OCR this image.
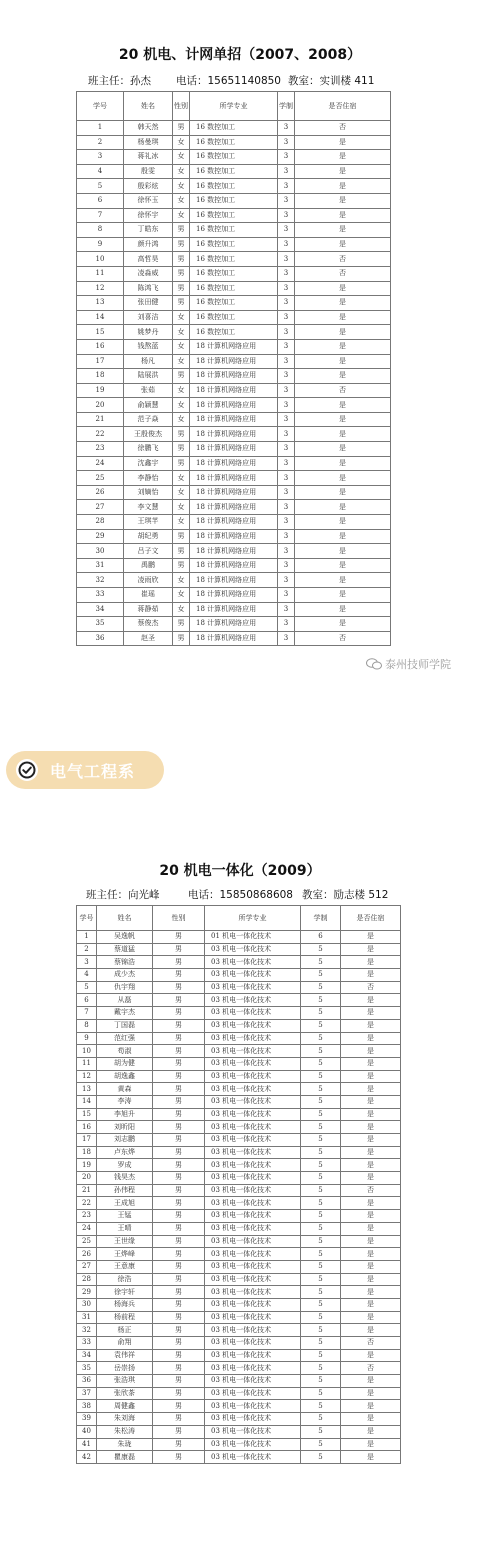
20 机电、计网单招（2007、2008）
班主任：孙杰 电话：15651140850 教室：实训楼 411
学号	姓名	性别	所学专业	学制	是否住宿
1	韩天然	男	16 数控加工	3	否
2	杨曼琪	女	16 数控加工	3	是
3	蒋礼冰	女	16 数控加工	3	是
4	殷雯	女	16 数控加工	3	是
5	殷彩炫	女	16 数控加工	3	是
6	徐怀玉	女	16 数控加工	3	是
7	徐怀宇	女	16 数控加工	3	是
8	丁皓东	男	16 数控加工	3	是
9	颜升鸿	男	16 数控加工	3	是
10	高哲昊	男	16 数控加工	3	否
11	凌淼威	男	16 数控加工	3	否
12	陈鸿飞	男	16 数控加工	3	是
13	张田健	男	16 数控加工	3	是
14	刘喜洁	女	16 数控加工	3	是
15	姚梦丹	女	16 数控加工	3	是
16	钱熬蓝	女	18 计算机网络应用	3	是
17	杨凡	女	18 计算机网络应用	3	是
18	陆展洪	男	18 计算机网络应用	3	是
19	张茹	女	18 计算机网络应用	3	否
20	俞颖慧	女	18 计算机网络应用	3	是
21	范子焱	女	18 计算机网络应用	3	是
22	王殷俊杰	男	18 计算机网络应用	3	是
23	徐鹏飞	男	18 计算机网络应用	3	是
24	沈鑫宇	男	18 计算机网络应用	3	是
25	李静怡	女	18 计算机网络应用	3	是
26	刘嫡怡	女	18 计算机网络应用	3	是
27	李文慧	女	18 计算机网络应用	3	是
28	王琪芊	女	18 计算机网络应用	3	是
29	胡纪勇	男	18 计算机网络应用	3	是
30	吕子文	男	18 计算机网络应用	3	是
31	禹鹏	男	18 计算机网络应用	3	是
32	凌雨欣	女	18 计算机网络应用	3	是
33	崔瑶	女	18 计算机网络应用	3	是
34	蒋静茹	女	18 计算机网络应用	3	是
35	蔡俊杰	男	18 计算机网络应用	3	是
36	赵圣	男	18 计算机网络应用	3	否
泰州技师学院
电气工程系
20 机电一体化（2009）
班主任：向光峰	电话：15850868608 教室：励志楼 512
学号	姓名	性别	所学专业	学制	是否住宿
1	吴逸帆	男	01 机电一体化技术	6	是
2	蔡道猛	男	03 机电一体化技术	5	是
3	蔡锦浩	男	03 机电一体化技术	5	是
4	成少杰	男	03 机电一体化技术	5	是
5	仇宇翔	男	03 机电一体化技术	5	否
6	从磊	男	03 机电一体化技术	5	是
7	戴宇杰	男	03 机电一体化技术	5	是
8	丁国磊	男	03 机电一体化技术	5	是
9	范红强	男	03 机电一体化技术	5	是
10	苟淑	男	03 机电一体化技术	5	是
11	胡为健	男	03 机电一体化技术	5	是
12	胡逸鑫	男	03 机电一体化技术	5	是
13	黄森	男	03 机电一体化技术	5	是
14	李涛	男	03 机电一体化技术	5	是
15	李旭升	男	03 机电一体化技术	5	是
16	刘昕阳	男	03 机电一体化技术	5	是
17	刘志鹏	男	03 机电一体化技术	5	是
18	卢东烨	男	03 机电一体化技术	5	是
19	罗成	男	03 机电一体化技术	5	是
20	钱昊杰	男	03 机电一体化技术	5	是
21	孙伟程	男	03 机电一体化技术	5	否
22	王成旭	男	03 机电一体化技术	5	是
23	王锰	男	03 机电一体化技术	5	是
24	王晴	男	03 机电一体化技术	5	是
25	王世缘	男	03 机电一体化技术	5	是
26	王烨峰	男	03 机电一体化技术	5	是
27	王意康	男	03 机电一体化技术	5	是
28	徐浩	男	03 机电一体化技术	5	是
29	徐宇轩	男	03 机电一体化技术	5	是
30	杨海兵	男	03 机电一体化技术	5	是
31	杨前程	男	03 机电一体化技术	5	是
32	杨正	男	03 机电一体化技术	5	是
33	俞翔	男	03 机电一体化技术	5	否
34	袁伟祥	男	03 机电一体化技术	5	是
35	岳崇扬	男	03 机电一体化技术	5	否
36	张浩琪	男	03 机电一体化技术	5	是
37	张欣茶	男	03 机电一体化技术	5	是
38	周健鑫	男	03 机电一体化技术	5	是
39	朱刘海	男	03 机电一体化技术	5	是
40	朱松涛	男	03 机电一体化技术	5	是
41	朱珑	男	03 机电一体化技术	5	是
42	瞿康磊	男	03 机电一体化技术	5	是
